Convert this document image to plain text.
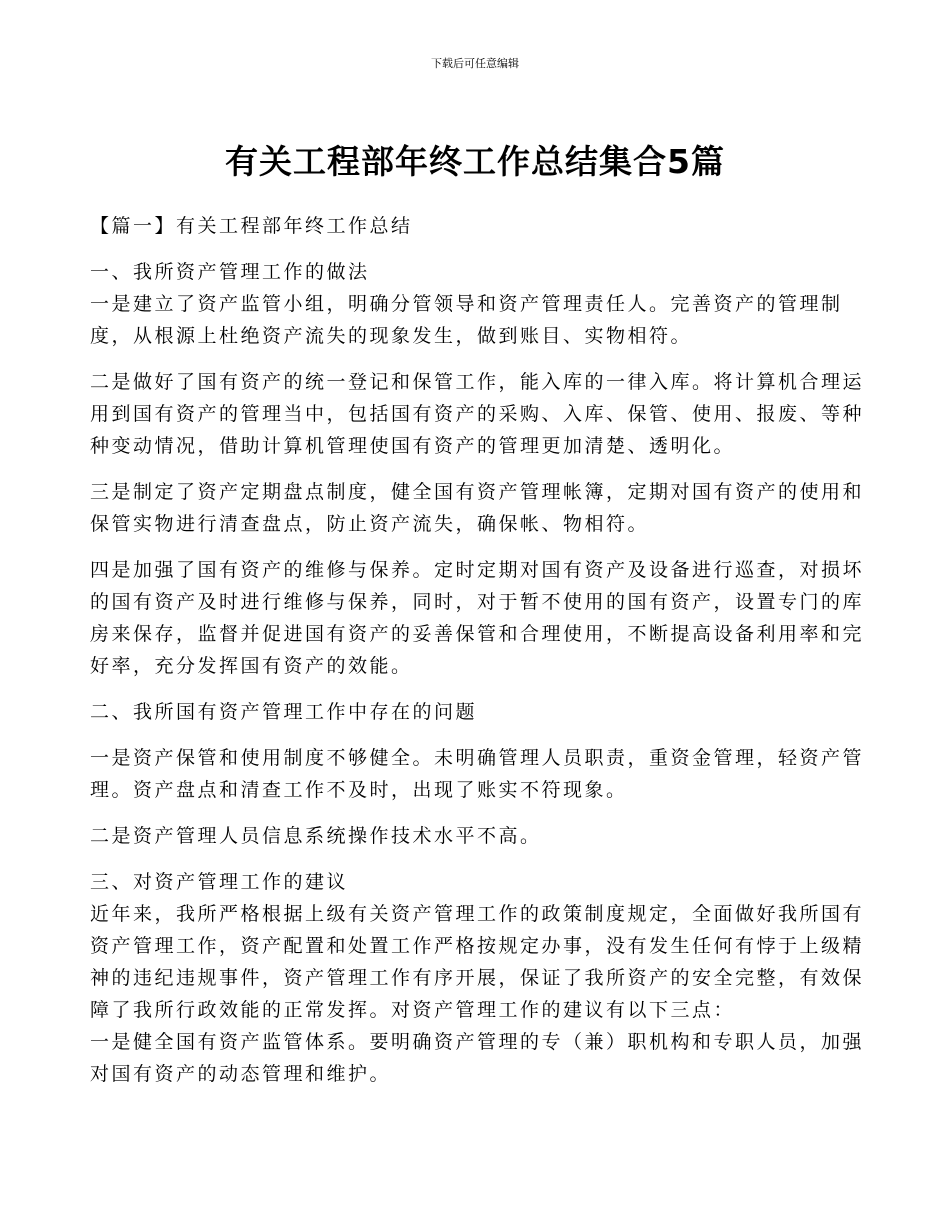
下载后可任意编辑
有关工程部年终工作总结集合5篇

【篇一】有关工程部年终工作总结

一、我所资产管理工作的做法

一是建立了资产监管小组，明确分管领导和资产管理责任人。完善资产的管理制度，从根源上杜绝资产流失的现象发生，做到账目、实物相符。

二是做好了国有资产的统一登记和保管工作，能入库的一律入库。将计算机合理运用到国有资产的管理当中，包括国有资产的采购、入库、保管、使用、报废、等种种变动情况，借助计算机管理使国有资产的管理更加清楚、透明化。

三是制定了资产定期盘点制度，健全国有资产管理帐簿，定期对国有资产的使用和保管实物进行清查盘点，防止资产流失，确保帐、物相符。

四是加强了国有资产的维修与保养。定时定期对国有资产及设备进行巡查，对损坏的国有资产及时进行维修与保养，同时，对于暂不使用的国有资产，设置专门的库房来保存，监督并促进国有资产的妥善保管和合理使用，不断提高设备利用率和完好率，充分发挥国有资产的效能。

二、我所国有资产管理工作中存在的问题

一是资产保管和使用制度不够健全。未明确管理人员职责，重资金管理，轻资产管理。资产盘点和清查工作不及时，出现了账实不符现象。

二是资产管理人员信息系统操作技术水平不高。

三、对资产管理工作的建议

近年来，我所严格根据上级有关资产管理工作的政策制度规定，全面做好我所国有资产管理工作，资产配置和处置工作严格按规定办事，没有发生任何有悖于上级精神的违纪违规事件，资产管理工作有序开展，保证了我所资产的安全完整，有效保障了我所行政效能的正常发挥。对资产管理工作的建议有以下三点：

一是健全国有资产监管体系。要明确资产管理的专（兼）职机构和专职人员，加强对国有资产的动态管理和维护。
